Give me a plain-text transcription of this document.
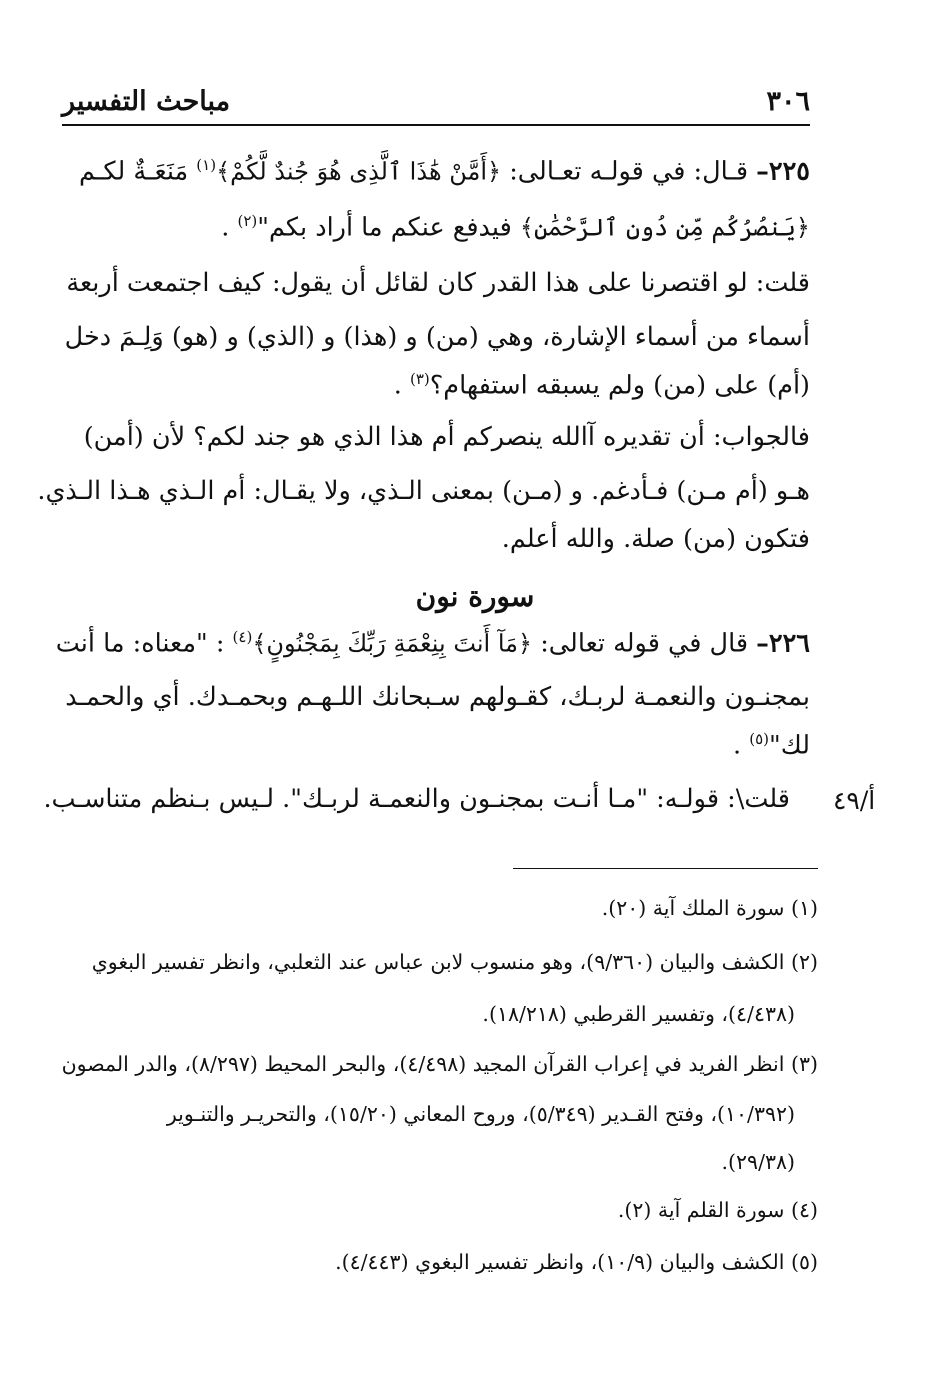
٣٠٦
مباحث التفسير
٢٢٥– قـال: في قولـه تعـالى: ﴿أَمَّنْ هَٰذَا ٱلَّذِى هُوَ جُندٌ لَّكُمْ﴾$^{(١)}$ مَنَعَـةٌ لكـم
﴿يَنصُرُكُم مِّن دُونِ ٱلرَّحْمَٰنِ﴾ فيدفع عنكم ما أراد بكم"$^{(٢)}$ .
قلت: لو اقتصرنا على هذا القدر كان لقائل أن يقول: كيف اجتمعت أربعة
أسماء من أسماء الإشارة، وهي (من) و (هذا) و (الذي) و (هو) وَلِـمَ دخل
(أم) على (من) ولم يسبقه استفهام؟$^{(٣)}$ .
فالجواب: أن تقديره آالله ينصركم أم هذا الذي هو جند لكم؟ لأن (أمن)
هـو (أم مـن) فـأدغم. و (مـن) بمعنى الـذي، ولا يقـال: أم الـذي هـذا الـذي.
فتكون (من) صلة. والله أعلم.
سورة نون
٢٢٦– قال في قوله تعالى: ﴿مَآ أَنتَ بِنِعْمَةِ رَبِّكَ بِمَجْنُونٍ﴾$^{(٤)}$ : "معناه: ما أنت
بمجنـون والنعمـة لربـك، كقـولهم سـبحانك اللـهـم وبحمـدك. أي والحمـد
لك"$^{(٥)}$ .
قلت\: قولـه: "مـا أنـت بمجنـون والنعمـة لربـك". لـيس بـنظم متناسـب. أ/٤٩
(١) سورة الملك آية (٢٠).
(٢) الكشف والبيان (٩/٣٦٠)، وهو منسوب لابن عباس عند الثعلبي، وانظر تفسير البغوي
(٤/٤٣٨)، وتفسير القرطبي (١٨/٢١٨).
(٣) انظر الفريد في إعراب القرآن المجيد (٤/٤٩٨)، والبحر المحيط (٨/٢٩٧)، والدر المصون
(١٠/٣٩٢)، وفتح القـدير (٥/٣٤٩)، وروح المعاني (١٥/٢٠)، والتحريـر والتنـوير
(٢٩/٣٨).
(٤) سورة القلم آية (٢).
(٥) الكشف والبيان (١٠/٩)، وانظر تفسير البغوي (٤/٤٤٣).
